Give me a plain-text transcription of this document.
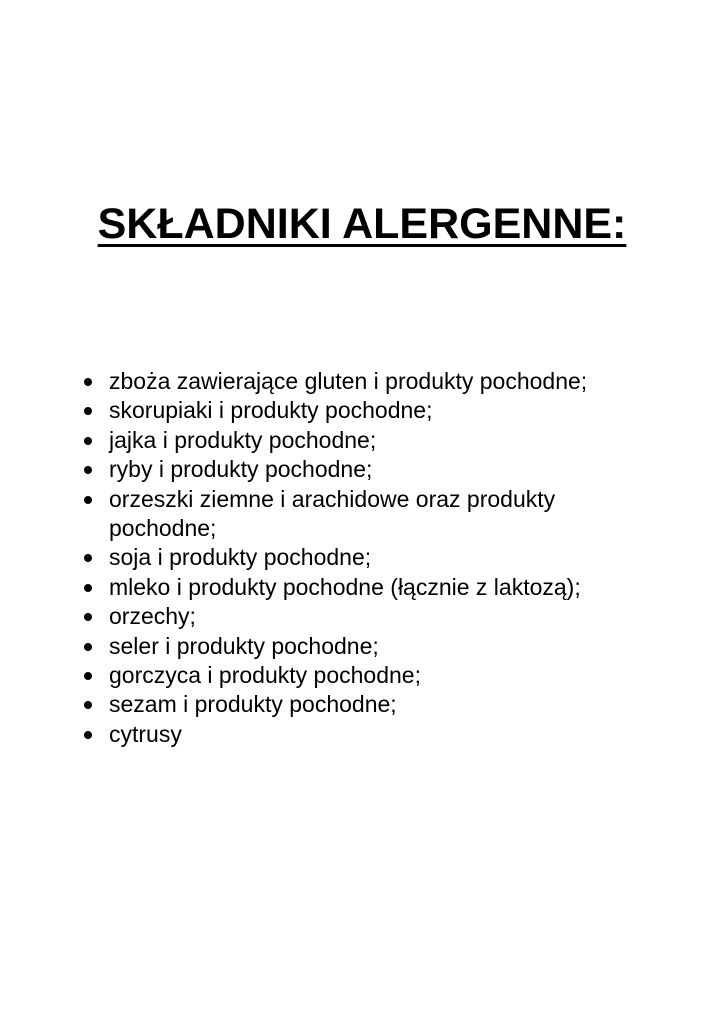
SKŁADNIKI ALERGENNE:
zboża zawierające gluten i produkty pochodne;
skorupiaki i produkty pochodne;
jajka i produkty pochodne;
ryby i produkty pochodne;
orzeszki ziemne i arachidowe oraz produkty pochodne;
soja i produkty pochodne;
mleko i produkty pochodne (łącznie z laktozą);
orzechy;
seler i produkty pochodne;
gorczyca i produkty pochodne;
sezam i produkty pochodne;
cytrusy
